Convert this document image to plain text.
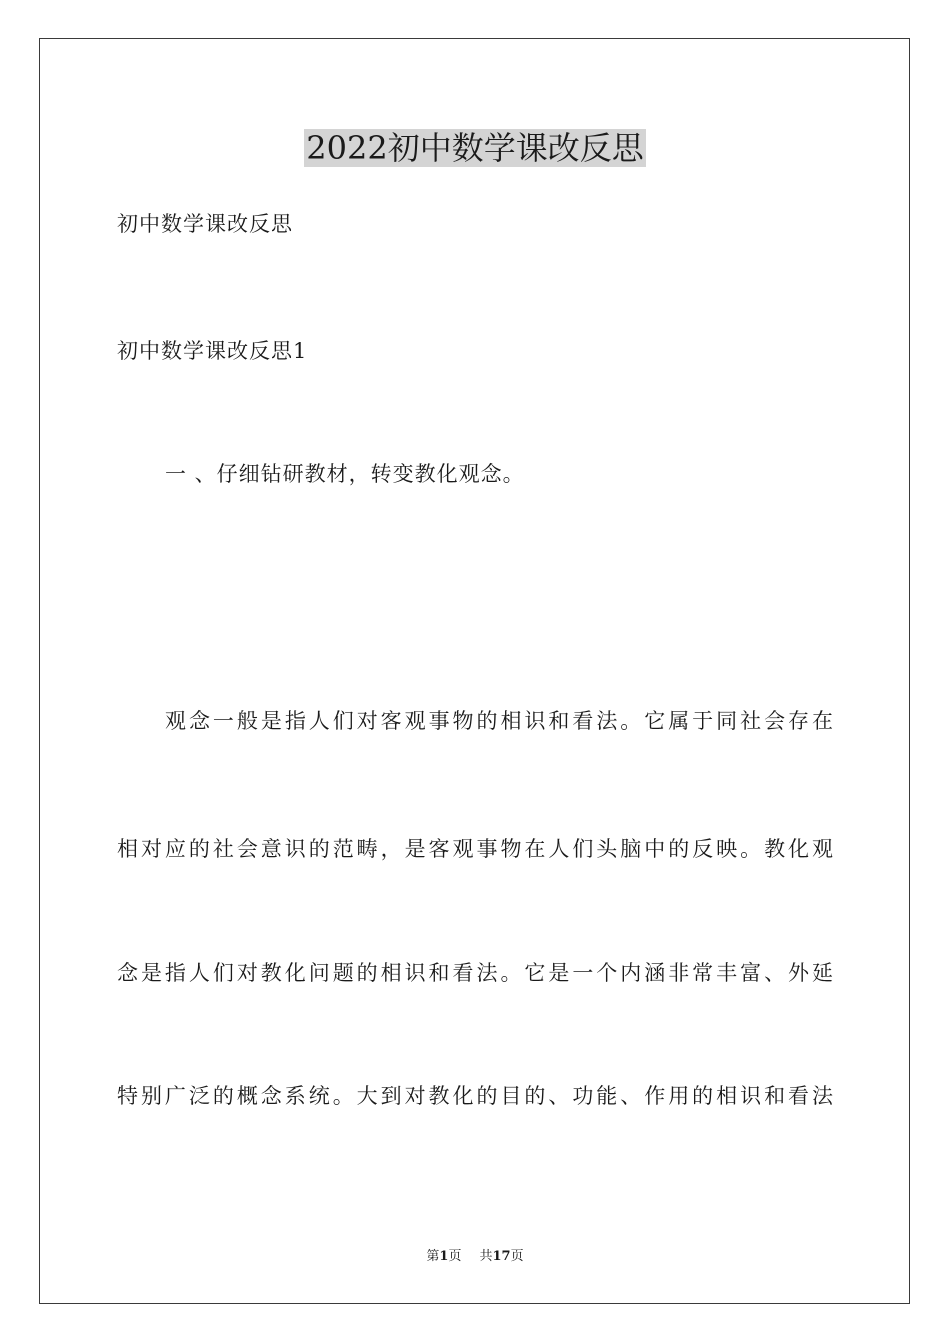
2022初中数学课改反思

初中数学课改反思

初中数学课改反思1

一 、仔细钻研教材，转变教化观念。

观念一般是指人们对客观事物的相识和看法。它属于同社会存在

相对应的社会意识的范畴，是客观事物在人们头脑中的反映。教化观

念是指人们对教化问题的相识和看法。它是一个内涵非常丰富、外延

特别广泛的概念系统。大到对教化的目的、功能、作用的相识和看法

第1页 共17页
